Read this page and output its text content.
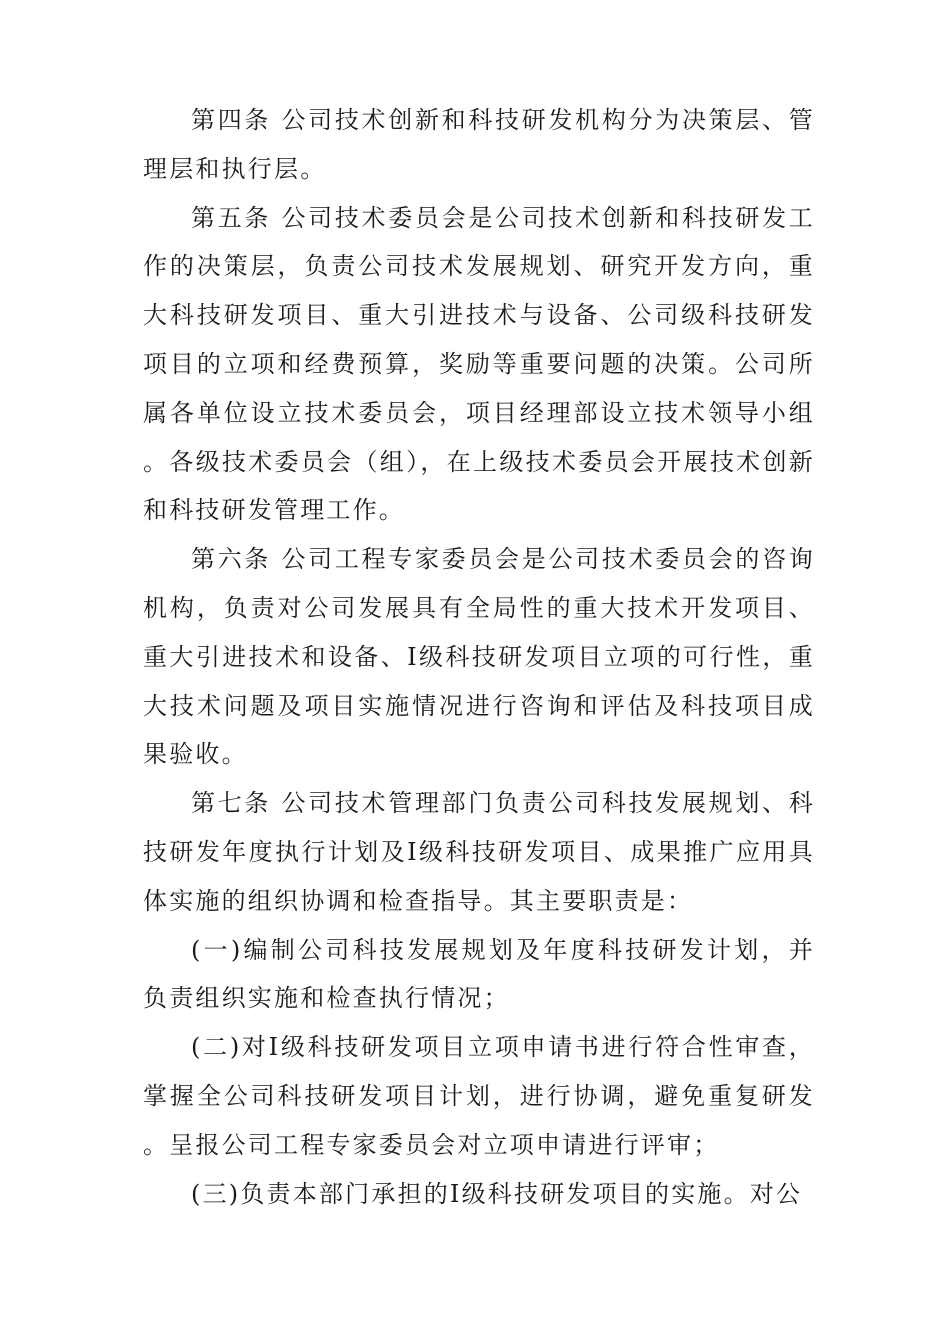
第四条 公司技术创新和科技研发机构分为决策层、管理层和执行层。

第五条 公司技术委员会是公司技术创新和科技研发工作的决策层，负责公司技术发展规划、研究开发方向，重大科技研发项目、重大引进技术与设备、公司级科技研发项目的立项和经费预算，奖励等重要问题的决策。公司所属各单位设立技术委员会，项目经理部设立技术领导小组。各级技术委员会（组），在上级技术委员会开展技术创新和科技研发管理工作。

第六条 公司工程专家委员会是公司技术委员会的咨询机构，负责对公司发展具有全局性的重大技术开发项目、重大引进技术和设备、Ⅰ级科技研发项目立项的可行性，重大技术问题及项目实施情况进行咨询和评估及科技项目成果验收。

第七条 公司技术管理部门负责公司科技发展规划、科技研发年度执行计划及Ⅰ级科技研发项目、成果推广应用具体实施的组织协调和检查指导。其主要职责是：

(一)编制公司科技发展规划及年度科技研发计划，并负责组织实施和检查执行情况；

(二)对Ⅰ级科技研发项目立项申请书进行符合性审查，掌握全公司科技研发项目计划，进行协调，避免重复研发。呈报公司工程专家委员会对立项申请进行评审；

(三)负责本部门承担的Ⅰ级科技研发项目的实施。对公
